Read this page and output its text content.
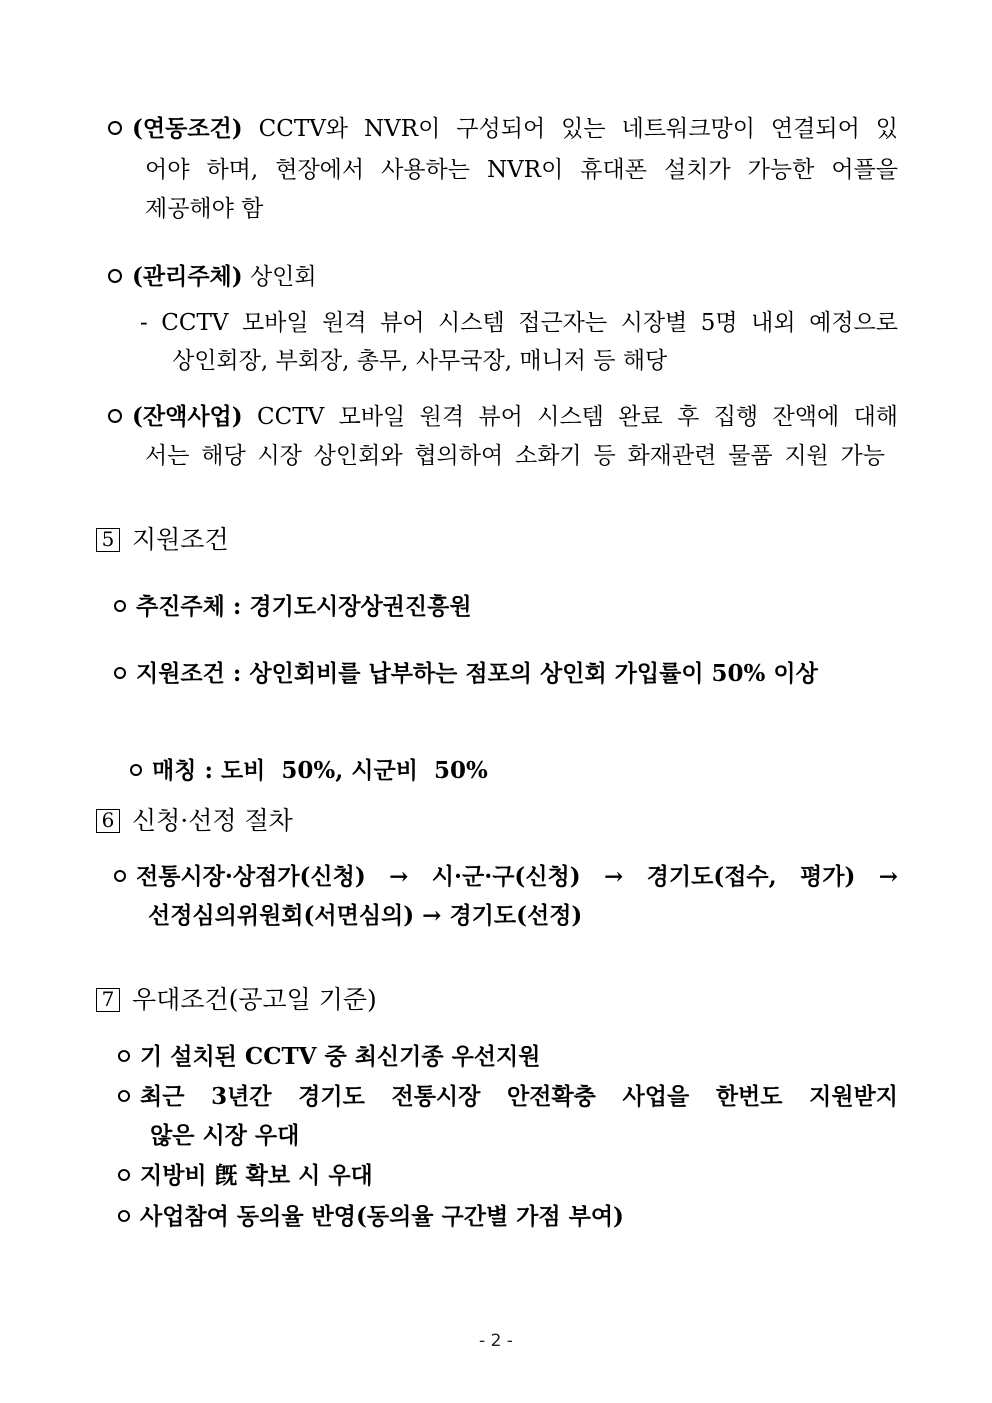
(연동조건) CCTV와 NVR이 구성되어 있는 네트워크망이 연결되어 있
어야 하며, 현장에서 사용하는 NVR이 휴대폰 설치가 가능한 어플을
제공해야 함
(관리주체) 상인회
- CCTV 모바일 원격 뷰어 시스템 접근자는 시장별 5명 내외 예정으로
상인회장, 부회장, 총무, 사무국장, 매니저 등 해당
(잔액사업) CCTV 모바일 원격 뷰어 시스템 완료 후 집행 잔액에 대해
서는 해당 시장 상인회와 협의하여 소화기 등 화재관련 물품 지원 가능
5 지원조건
추진주체 : 경기도시장상권진흥원
지원조건 : 상인회비를 납부하는 점포의 상인회 가입률이 50% 이상

매칭 : 도비  50%, 시군비  50%

6 신청·선정 절차
전통시장·상점가(신청) → 시·군·구(신청) → 경기도(접수, 평가) →
선정심의위원회(서면심의) → 경기도(선정)
7 우대조건(공고일 기준)
기 설치된 CCTV 중 최신기종 우선지원
최근 3년간 경기도 전통시장 안전확충 사업을 한번도 지원받지
않은 시장 우대
지방비 旣 확보 시 우대
사업참여 동의율 반영(동의율 구간별 가점 부여)
- 2 -
